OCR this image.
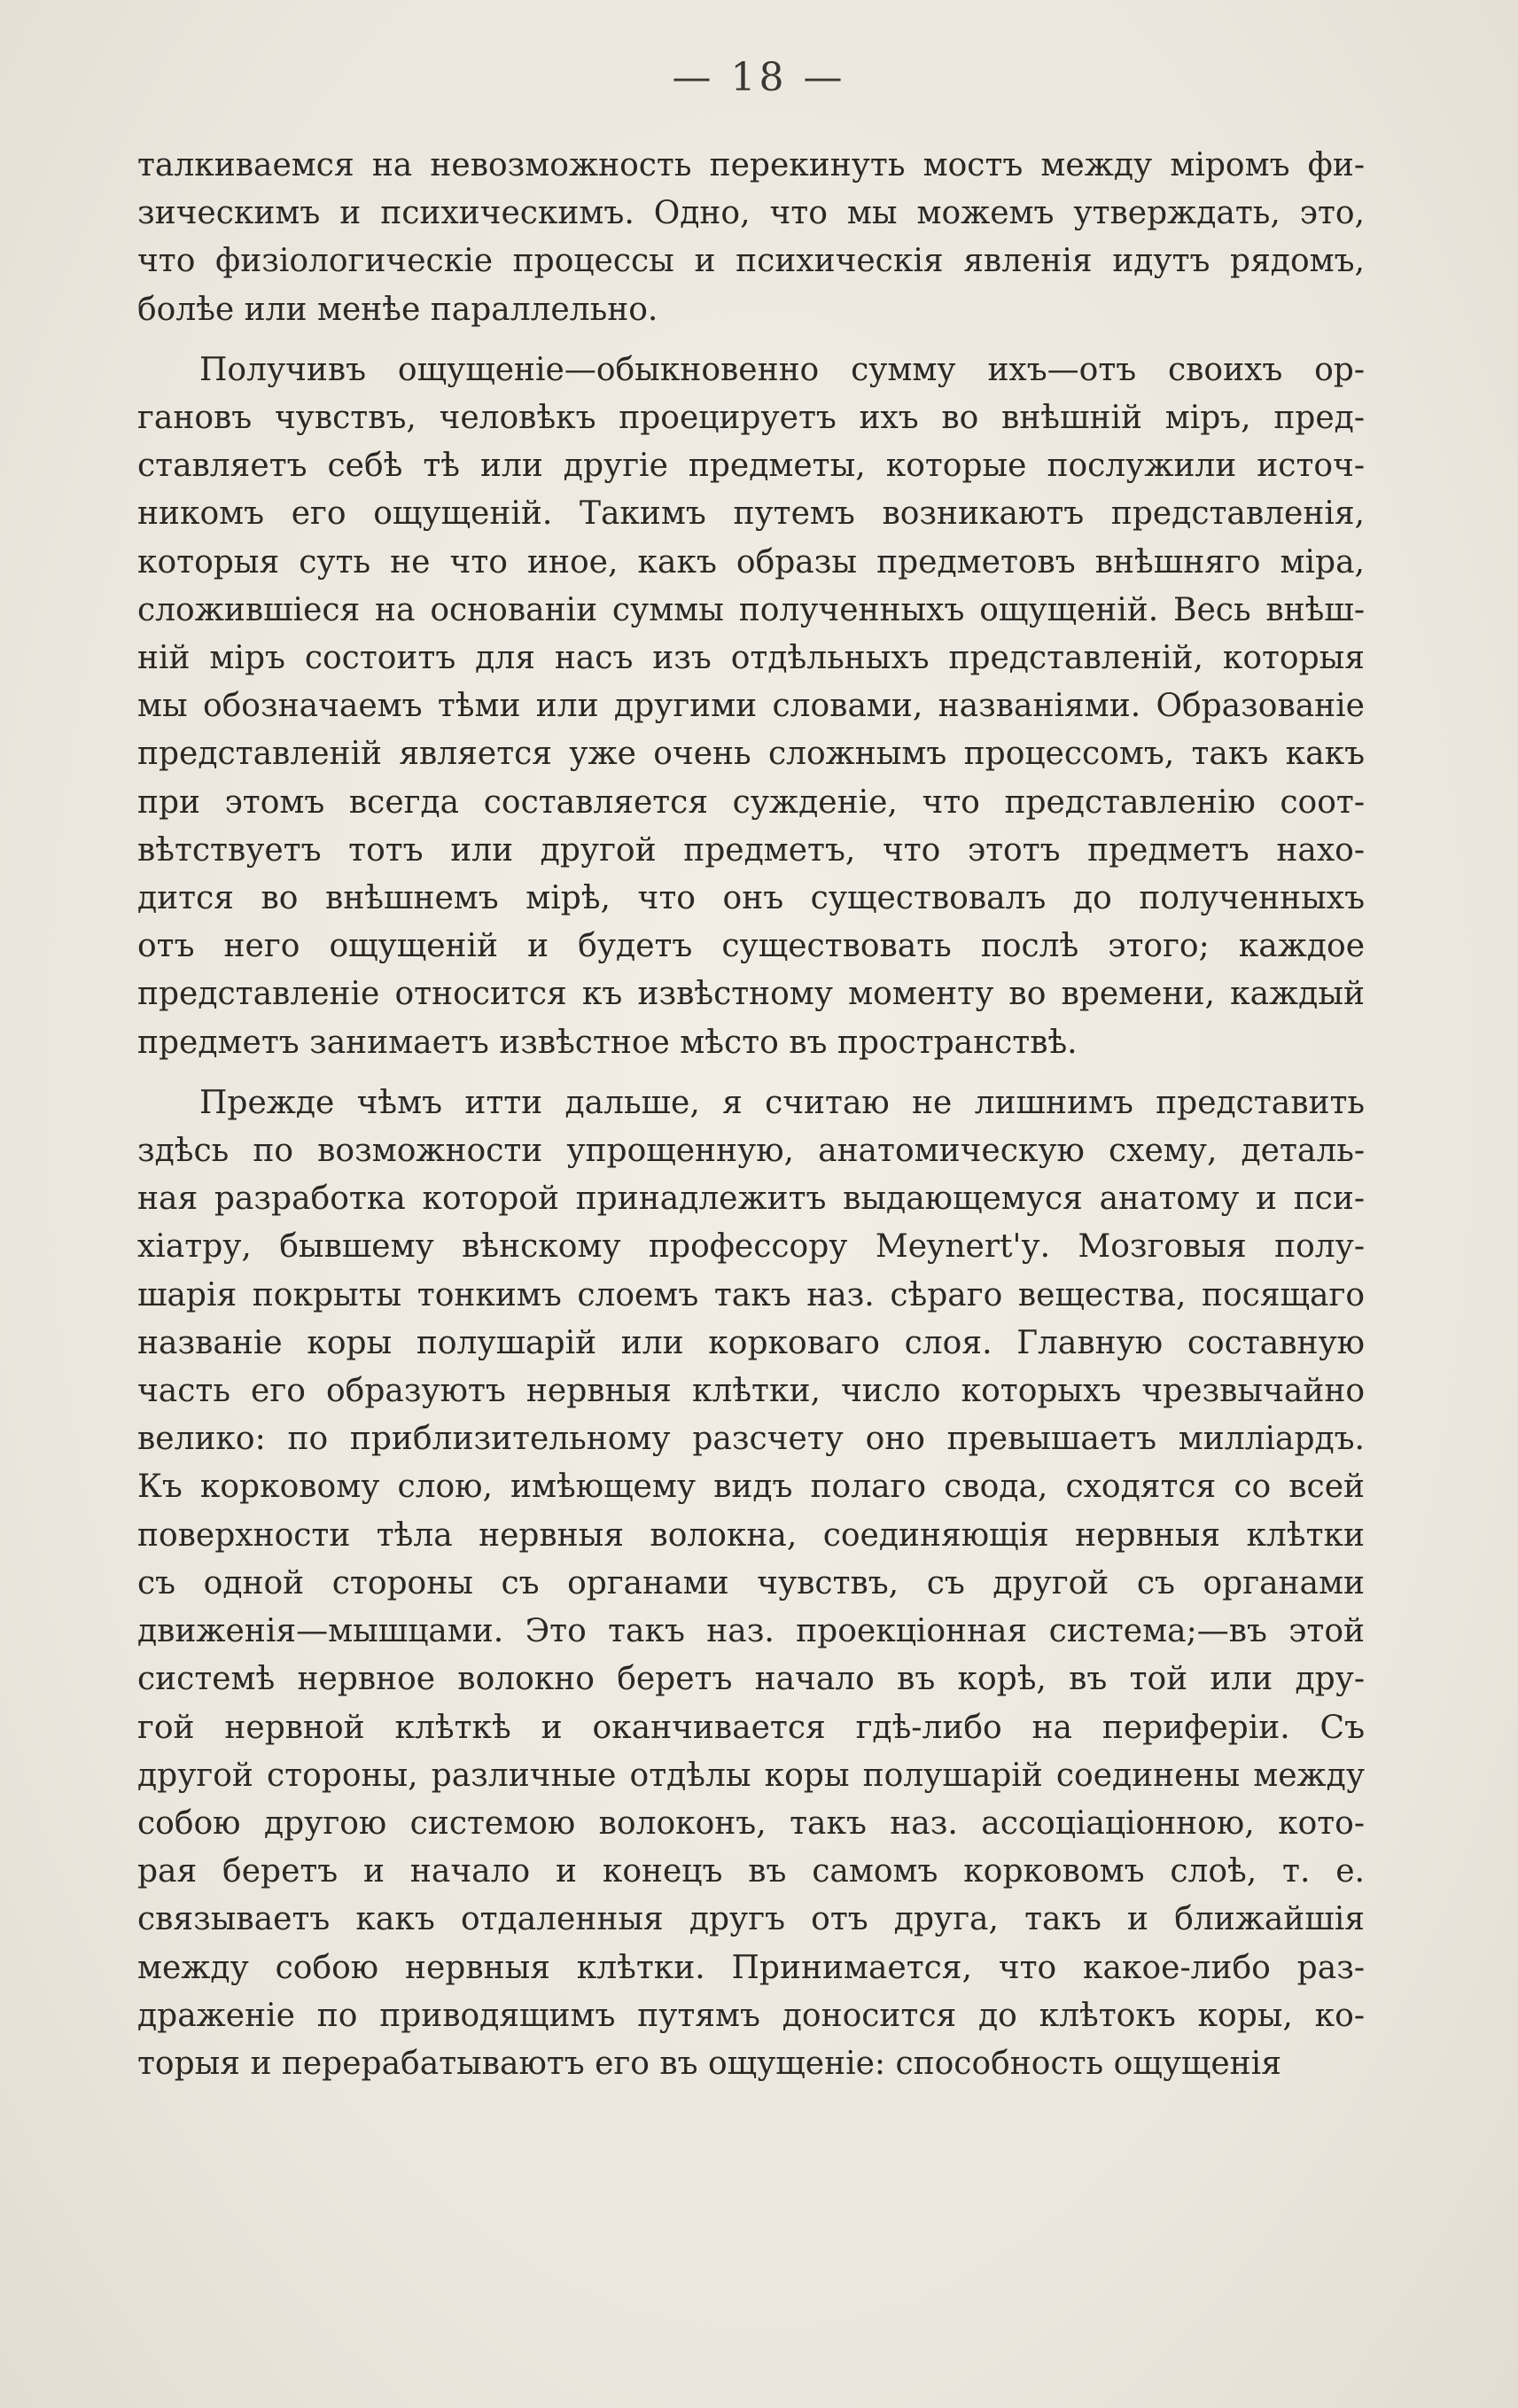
— 18 —
талкиваемся на невозможность перекинуть мостъ между міромъ фи-
зическимъ и психическимъ. Одно, что мы можемъ утверждать, это,
что физіологическіе процессы и психическія явленія идутъ рядомъ,
болѣе или менѣе параллельно.
Получивъ ощущеніе—обыкновенно сумму ихъ—отъ своихъ ор-
гановъ чувствъ, человѣкъ проецируетъ ихъ во внѣшній міръ, пред-
ставляетъ себѣ тѣ или другіе предметы, которые послужили источ-
никомъ его ощущеній. Такимъ путемъ возникаютъ представленія,
которыя суть не что иное, какъ образы предметовъ внѣшняго міра,
сложившіеся на основаніи суммы полученныхъ ощущеній. Весь внѣш-
ній міръ состоитъ для насъ изъ отдѣльныхъ представленій, которыя
мы обозначаемъ тѣми или другими словами, названіями. Образованіе
представленій является уже очень сложнымъ процессомъ, такъ какъ
при этомъ всегда составляется сужденіе, что представленію соот-
вѣтствуетъ тотъ или другой предметъ, что этотъ предметъ нахо-
дится во внѣшнемъ мірѣ, что онъ существовалъ до полученныхъ
отъ него ощущеній и будетъ существовать послѣ этого; каждое
представленіе относится къ извѣстному моменту во времени, каждый
предметъ занимаетъ извѣстное мѣсто въ пространствѣ.
Прежде чѣмъ итти дальше, я считаю не лишнимъ представить
здѣсь по возможности упрощенную, анатомическую схему, деталь-
ная разработка которой принадлежитъ выдающемуся анатому и пси-
хіатру, бывшему вѣнскому профессору Meynert'у. Мозговыя полу-
шарія покрыты тонкимъ слоемъ такъ наз. сѣраго вещества, посящаго
названіе коры полушарій или корковаго слоя. Главную составную
часть его образуютъ нервныя клѣтки, число которыхъ чрезвычайно
велико: по приблизительному разсчету оно превышаетъ милліардъ.
Къ корковому слою, имѣющему видъ полаго свода, сходятся со всей
поверхности тѣла нервныя волокна, соединяющія нервныя клѣтки
съ одной стороны съ органами чувствъ, съ другой съ органами
движенія—мышцами. Это такъ наз. проекціонная система;—въ этой
системѣ нервное волокно беретъ начало въ корѣ, въ той или дру-
гой нервной клѣткѣ и оканчивается гдѣ-либо на периферіи. Съ
другой стороны, различные отдѣлы коры полушарій соединены между
собою другою системою волоконъ, такъ наз. ассоціаціонною, кото-
рая беретъ и начало и конецъ въ самомъ корковомъ слоѣ, т. е.
связываетъ какъ отдаленныя другъ отъ друга, такъ и ближайшія
между собою нервныя клѣтки. Принимается, что какое-либо раз-
драженіе по приводящимъ путямъ доносится до клѣтокъ коры, ко-
торыя и перерабатываютъ его въ ощущеніе: способность ощущенія
